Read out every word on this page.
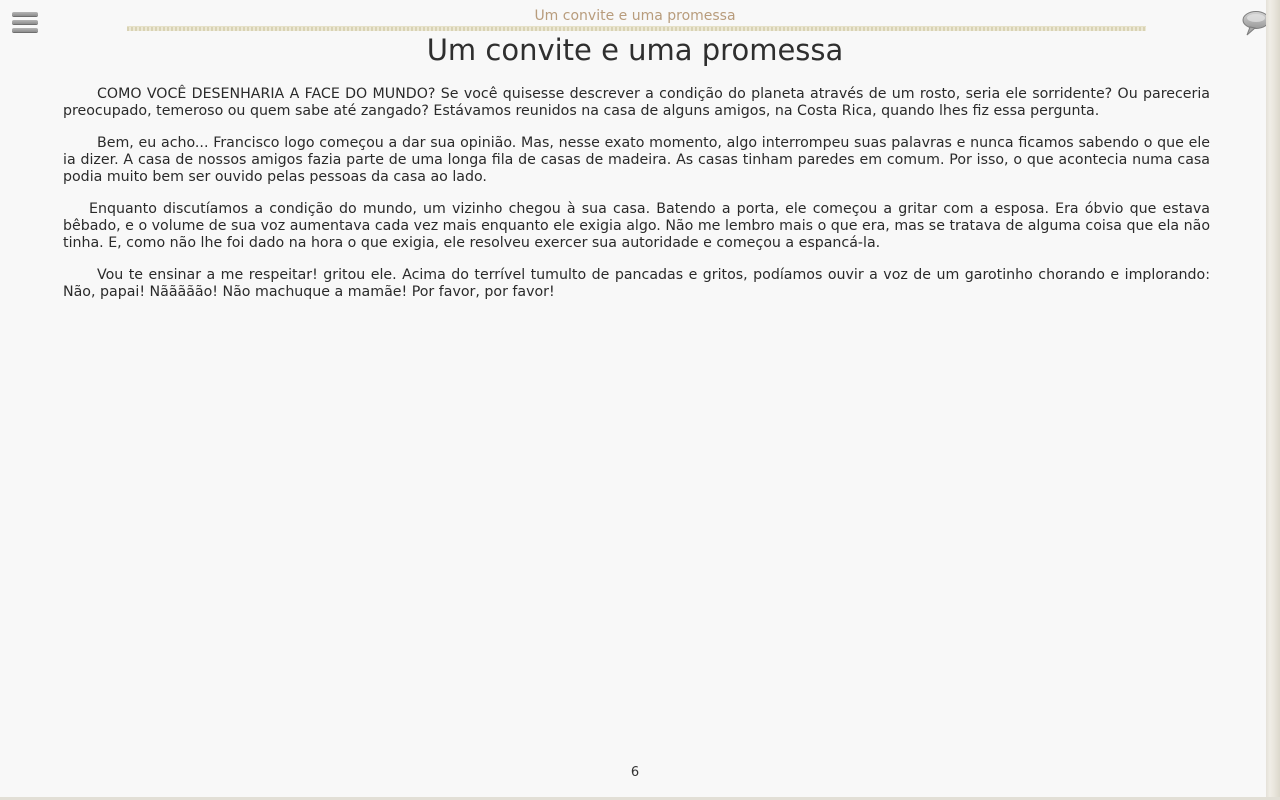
Um convite e uma promessa
Um convite e uma promessa

COMO VOCÊ DESENHARIA A FACE DO MUNDO? Se você quisesse descrever a condição do planeta através de um rosto, seria ele sorridente? Ou pareceria preocupado, temeroso ou quem sabe até zangado? Estávamos reunidos na casa de alguns amigos, na Costa Rica, quando lhes fiz essa pergunta.

Bem, eu acho... Francisco logo começou a dar sua opinião. Mas, nesse exato momento, algo interrompeu suas palavras e nunca ficamos sabendo o que ele ia dizer. A casa de nossos amigos fazia parte de uma longa fila de casas de madeira. As casas tinham paredes em comum. Por isso, o que acontecia numa casa podia muito bem ser ouvido pelas pessoas da casa ao lado.

Enquanto discutíamos a condição do mundo, um vizinho chegou à sua casa. Batendo a porta, ele começou a gritar com a esposa. Era óbvio que estava bêbado, e o volume de sua voz aumentava cada vez mais enquanto ele exigia algo. Não me lembro mais o que era, mas se tratava de alguma coisa que ela não tinha. E, como não lhe foi dado na hora o que exigia, ele resolveu exercer sua autoridade e começou a espancá-la.

Vou te ensinar a me respeitar! gritou ele. Acima do terrível tumulto de pancadas e gritos, podíamos ouvir a voz de um garotinho chorando e implorando: Não, papai! Nããããão! Não machuque a mamãe! Por favor, por favor!

6
